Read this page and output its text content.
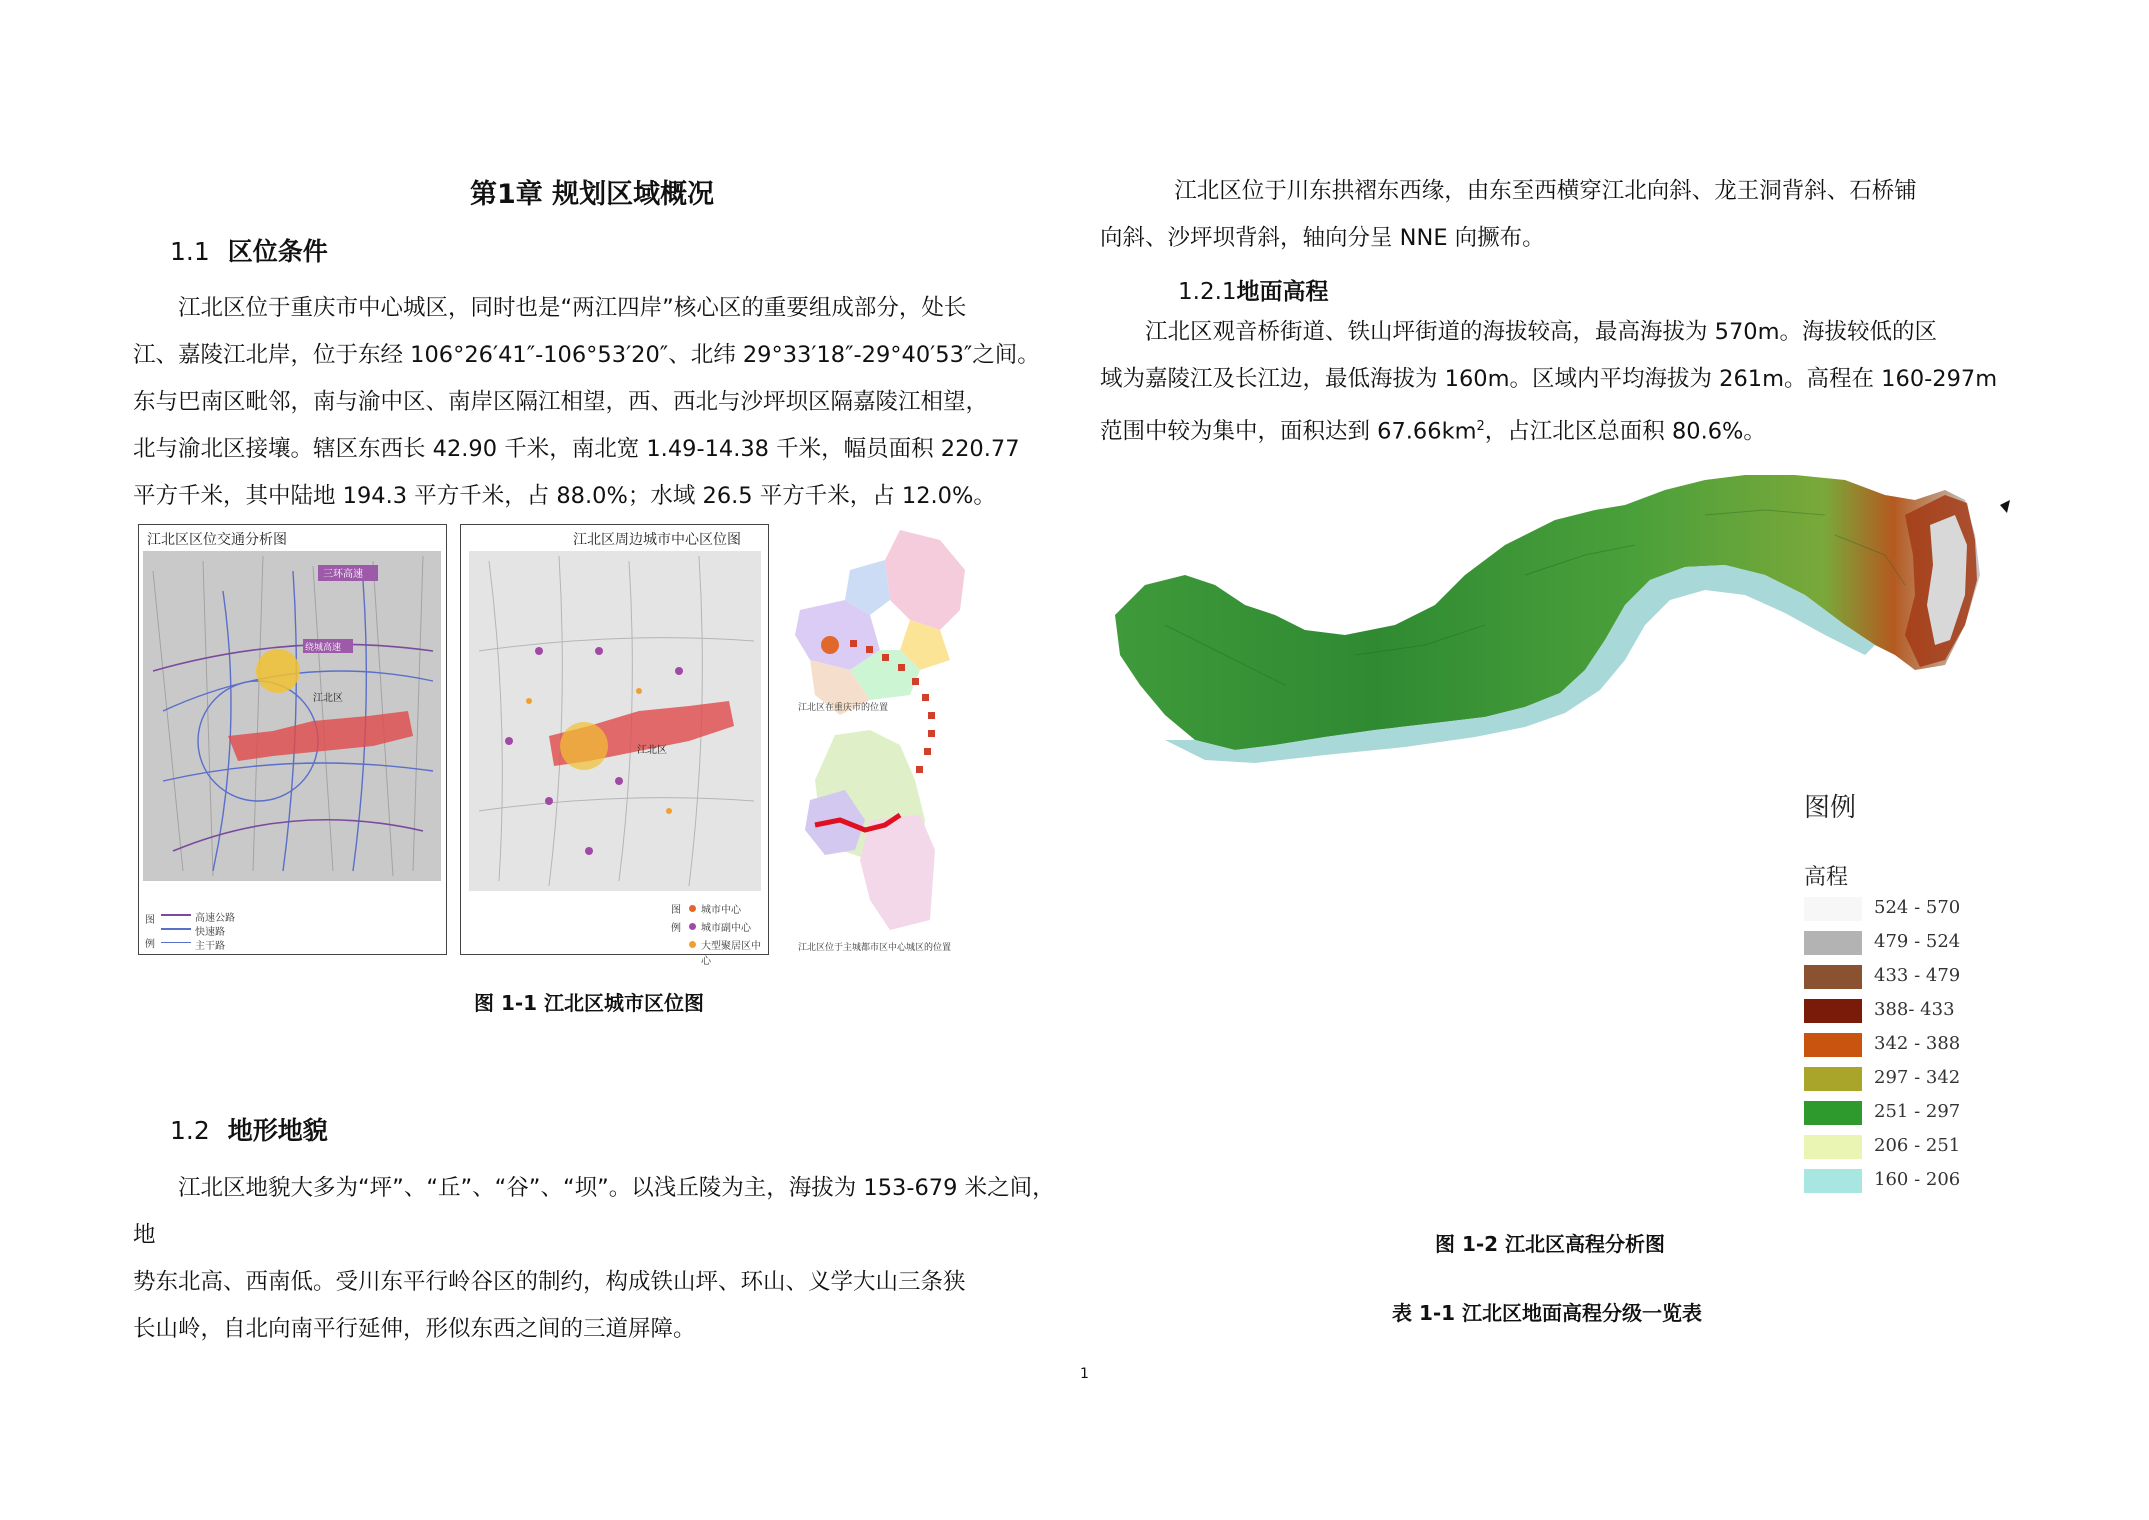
第1章 规划区域概况
1.1 区位条件

江北区位于重庆市中心城区，同时也是“两江四岸”核心区的重要组成部分，处长

江、嘉陵江北岸，位于东经 106°26′41″-106°53′20″、北纬 29°33′18″-29°40′53″之间。

东与巴南区毗邻，南与渝中区、南岸区隔江相望，西、西北与沙坪坝区隔嘉陵江相望，

北与渝北区接壤。辖区东西长 42.90 千米，南北宽 1.49-14.38 千米，幅员面积 220.77

平方千米，其中陆地 194.3 平方千米，占 88.0%；水域 26.5 平方千米，占 12.0%。

江北区区位交通分析图
三环高速
绕城高速
江北区
图
例
高速公路
快速路
主干路
江北区周边城市中心区位图
江北区
图
例
城市中心
城市副中心
大型聚居区中心
江北区在重庆市的位置
江北区位于主城都市区中心城区的位置
图 1-1 江北区城市区位图
1.2 地形地貌

江北区地貌大多为“坪”、“丘”、“谷”、“坝”。以浅丘陵为主，海拔为 153-679 米之间，地

势东北高、西南低。受川东平行岭谷区的制约，构成铁山坪、环山、义学大山三条狭

长山岭，自北向南平行延伸，形似东西之间的三道屏障。

江北区位于川东拱褶东西缘，由东至西横穿江北向斜、龙王洞背斜、石桥铺

向斜、沙坪坝背斜，轴向分呈 NNE 向撅布。

1.2.1地面高程

江北区观音桥街道、铁山坪街道的海拔较高，最高海拔为 570m。海拔较低的区

域为嘉陵江及长江边，最低海拔为 160m。区域内平均海拔为 261m。高程在 160-297m

范围中较为集中，面积达到 $67.66km^2$，占江北区总面积 80.6%。

图例
高程
524 - 570
479 - 524
433 - 479
388- 433
342 - 388
297 - 342
251 - 297
206 - 251
160 - 206
图 1-2 江北区高程分析图
表 1-1 江北区地面高程分级一览表
1
